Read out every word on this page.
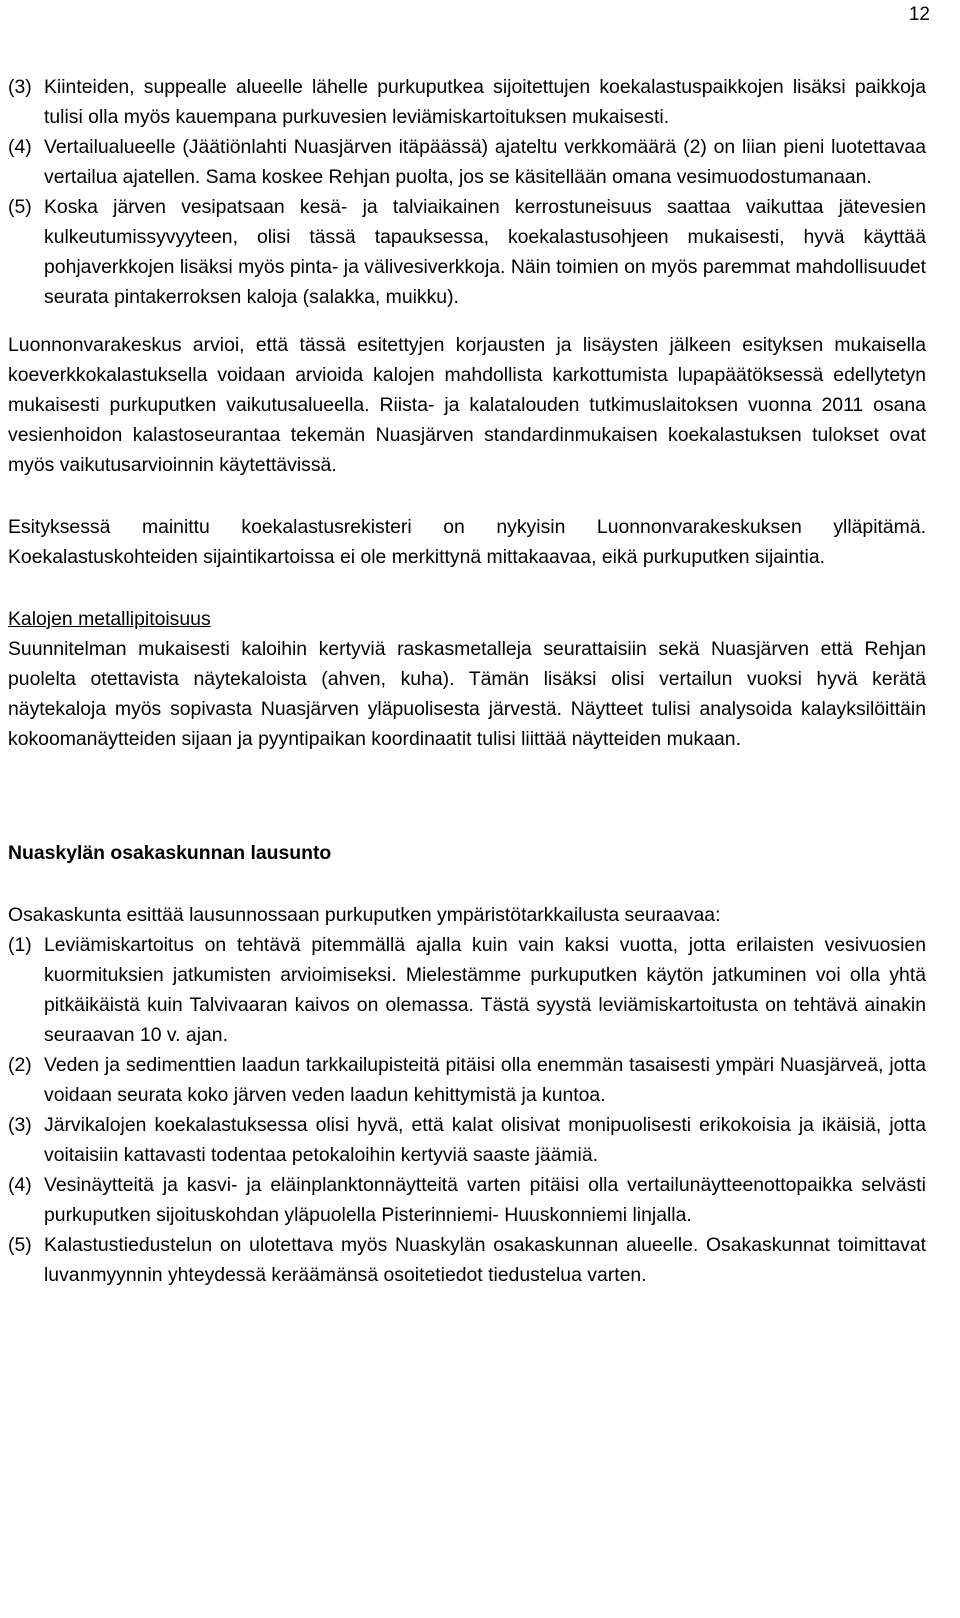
12
(3) Kiinteiden, suppealle alueelle lähelle purkuputkea sijoitettujen koekalastuspaikkojen lisäksi paikkoja tulisi olla myös kauempana purkuvesien leviämiskartoituksen mukaisesti.
(4) Vertailualueelle (Jäätiönlahti Nuasjärven itäpäässä) ajateltu verkkomäärä (2) on liian pieni luotettavaa vertailua ajatellen. Sama koskee Rehjan puolta, jos se käsitellään omana vesimuodostumanaan.
(5) Koska järven vesipatsaan kesä- ja talviaikainen kerrostuneisuus saattaa vaikuttaa jätevesien kulkeutumissyvyyteen, olisi tässä tapauksessa, koekalastusohjeen mukaisesti, hyvä käyttää pohjaverkkojen lisäksi myös pinta- ja välivesiverkkoja. Näin toimien on myös paremmat mahdollisuudet seurata pintakerroksen kaloja (salakka, muikku).

Luonnonvarakeskus arvioi, että tässä esitettyjen korjausten ja lisäysten jälkeen esityksen mukaisella koeverkkokalastuksella voidaan arvioida kalojen mahdollista karkottumista lupapäätöksessä edellytetyn mukaisesti purkuputken vaikutusalueella. Riista- ja kalatalouden tutkimuslaitoksen vuonna 2011 osana vesienhoidon kalastoseurantaa tekemän Nuasjärven standardinmukaisen koekalastuksen tulokset ovat myös vaikutusarvioinnin käytettävissä.

Esityksessä mainittu koekalastusrekisteri on nykyisin Luonnonvarakeskuksen ylläpitämä. Koekalastuskohteiden sijaintikartoissa ei ole merkittynä mittakaavaa, eikä purkuputken sijaintia.

Kalojen metallipitoisuus

Suunnitelman mukaisesti kaloihin kertyviä raskasmetalleja seurattaisiin sekä Nuasjärven että Rehjan puolelta otettavista näytekaloista (ahven, kuha). Tämän lisäksi olisi vertailun vuoksi hyvä kerätä näytekaloja myös sopivasta Nuasjärven yläpuolisesta järvestä. Näytteet tulisi analysoida kalayksilöittäin kokoomanäytteiden sijaan ja pyyntipaikan koordinaatit tulisi liittää näytteiden mukaan.

Nuaskylän osakaskunnan lausunto

Osakaskunta esittää lausunnossaan purkuputken ympäristötarkkailusta seuraavaa:

(1) Leviämiskartoitus on tehtävä pitemmällä ajalla kuin vain kaksi vuotta, jotta erilaisten vesivuosien kuormituksien jatkumisten arvioimiseksi. Mielestämme purkuputken käytön jatkuminen voi olla yhtä pitkäikäistä kuin Talvivaaran kaivos on olemassa. Tästä syystä leviämiskartoitusta on tehtävä ainakin seuraavan 10 v. ajan.
(2) Veden ja sedimenttien laadun tarkkailupisteitä pitäisi olla enemmän tasaisesti ympäri Nuasjärveä, jotta voidaan seurata koko järven veden laadun kehittymistä ja kuntoa.
(3) Järvikalojen koekalastuksessa olisi hyvä, että kalat olisivat monipuolisesti erikokoisia ja ikäisiä, jotta voitaisiin kattavasti todentaa petokaloihin kertyviä saaste jäämiä.
(4) Vesinäytteitä ja kasvi- ja eläinplanktonnäytteitä varten pitäisi olla vertailunäytteenottopaikka selvästi purkuputken sijoituskohdan yläpuolella Pisterinniemi- Huuskonniemi linjalla.
(5) Kalastustiedustelun on ulotettava myös Nuaskylän osakaskunnan alueelle. Osakaskunnat toimittavat luvanmyynnin yhteydessä keräämänsä osoitetiedot tiedustelua varten.
